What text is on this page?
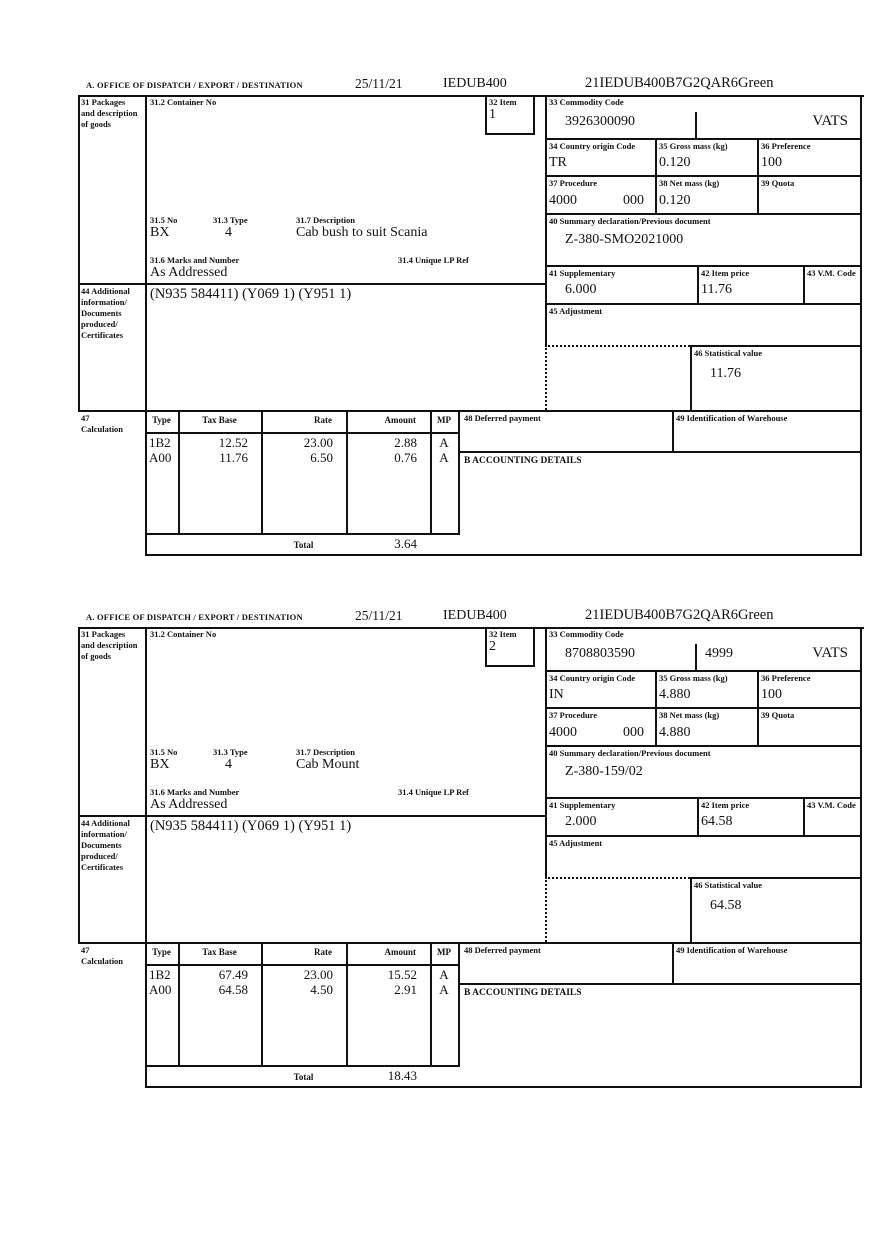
A. OFFICE OF DISPATCH / EXPORT / DESTINATION	25/11/21	IEDUB400	21IEDUB400B7G2QAR6Green
31 Packages and description of goods
31.2 Container No	32 Item
1
31.5 No	31.3 Type	31.7 Description
BX	4	Cab bush to suit Scania
31.6 Marks and Number	31.4 Unique LP Ref
As Addressed
44 Additional information/ Documents produced/ Certificates
(N935 584411) (Y069 1) (Y951 1)
33 Commodity Code
3926300090	VATS
34 Country origin Code
TR
35 Gross mass (kg)
0.120
36 Preference
100
37 Procedure
4000	000
38 Net mass (kg)
0.120
39 Quota
40 Summary declaration/Previous document
Z-380-SMO2021000
41 Supplementary
6.000
42 Item price
11.76
43 V.M. Code
45 Adjustment
46 Statistical value
11.76
47 Calculation
48 Deferred payment	49 Identification of Warehouse
B ACCOUNTING DETAILS
Type	Tax Base	Rate	Amount	MP
1B2	12.52	23.00	2.88	A
A00	11.76	6.50	0.76	A
Total	3.64
A. OFFICE OF DISPATCH / EXPORT / DESTINATION	25/11/21	IEDUB400	21IEDUB400B7G2QAR6Green
31 Packages and description of goods
31.2 Container No	32 Item
2
31.5 No	31.3 Type	31.7 Description
BX	4	Cab Mount
31.6 Marks and Number	31.4 Unique LP Ref
As Addressed
44 Additional information/ Documents produced/ Certificates
(N935 584411) (Y069 1) (Y951 1)
33 Commodity Code
8708803590	4999	VATS
34 Country origin Code
IN
35 Gross mass (kg)
4.880
36 Preference
100
37 Procedure
4000	000
38 Net mass (kg)
4.880
39 Quota
40 Summary declaration/Previous document
Z-380-159/02
41 Supplementary
2.000
42 Item price
64.58
43 V.M. Code
45 Adjustment
46 Statistical value
64.58
47 Calculation
48 Deferred payment	49 Identification of Warehouse
B ACCOUNTING DETAILS
Type	Tax Base	Rate	Amount	MP
1B2	67.49	23.00	15.52	A
A00	64.58	4.50	2.91	A
Total	18.43
